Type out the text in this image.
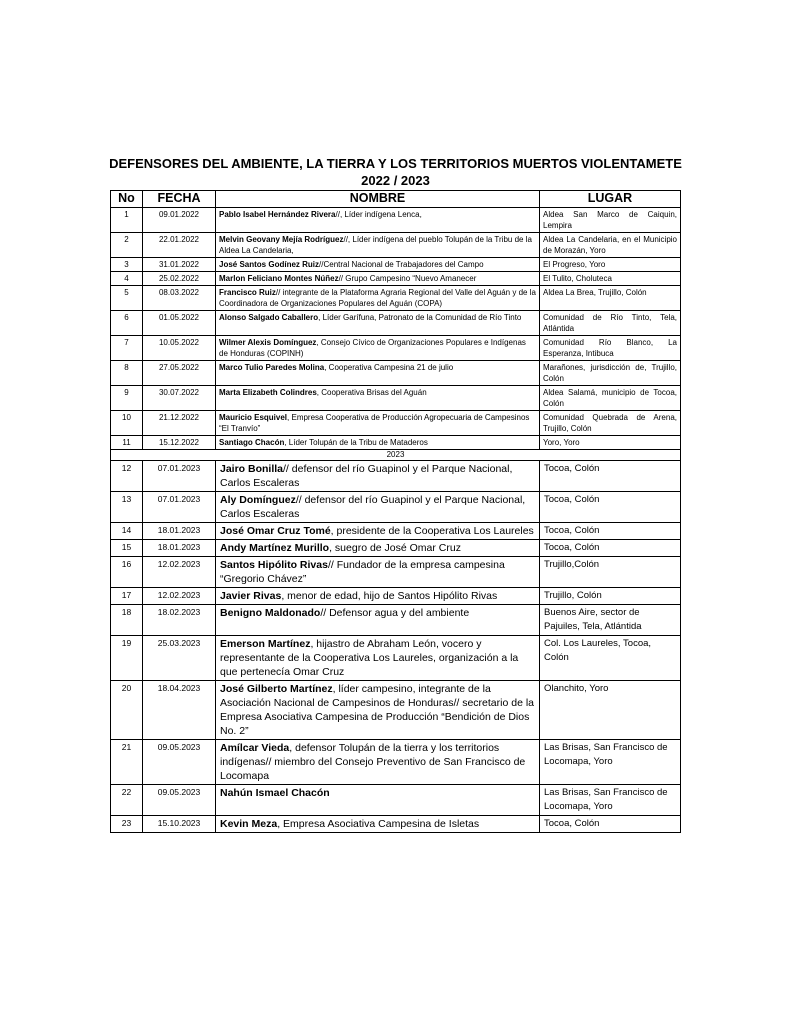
DEFENSORES DEL AMBIENTE, LA TIERRA Y LOS TERRITORIOS MUERTOS VIOLENTAMETE
2022 / 2023
No	FECHA	NOMBRE	LUGAR
1	09.01.2022	Pablo Isabel Hernández Rivera//, Líder indígena Lenca,	Aldea San Marco de Caiquin, Lempira
2	22.01.2022	Melvin Geovany Mejía Rodríguez//, Líder indígena del pueblo Tolupán de la Tribu de la Aldea La Candelaria,	Aldea La Candelaria, en el Municipio de Morazán, Yoro
3	31.01.2022	José Santos Godínez Ruiz//Central Nacional de Trabajadores del Campo	El Progreso, Yoro
4	25.02.2022	Marlon Feliciano Montes Núñez// Grupo Campesino “Nuevo Amanecer	El Tulito, Choluteca
5	08.03.2022	Francisco Ruiz// integrante de la Plataforma Agraria Regional del Valle del Aguán y de la Coordinadora de Organizaciones Populares del Aguán (COPA)	Aldea La Brea, Trujillo, Colón
6	01.05.2022	Alonso Salgado Caballero, Líder Garífuna, Patronato de la Comunidad de Río Tinto	Comunidad de Río Tinto, Tela, Atlántida
7	10.05.2022	Wilmer Alexis Domínguez, Consejo Cívico de Organizaciones Populares e Indígenas de Honduras (COPINH)	Comunidad Río Blanco, La Esperanza, Intibuca
8	27.05.2022	Marco Tulio Paredes Molina, Cooperativa Campesina 21 de julio	Marañones, jurisdicción de, Trujillo, Colón
9	30.07.2022	Marta Elizabeth Colindres, Cooperativa Brisas del Aguán	Aldea Salamá, municipio de Tocoa, Colón
10	21.12.2022	Mauricio Esquivel, Empresa Cooperativa de Producción Agropecuaria de Campesinos “El Tranvío”	Comunidad Quebrada de Arena, Trujillo, Colón
11	15.12.2022	Santiago Chacón, Líder Tolupán de la Tribu de Mataderos	Yoro, Yoro
2023			
12	07.01.2023	Jairo Bonilla// defensor del río Guapinol y el Parque Nacional, Carlos Escaleras	Tocoa, Colón
13	07.01.2023	Aly Domínguez// defensor del río Guapinol y el Parque Nacional, Carlos Escaleras	Tocoa, Colón
14	18.01.2023	José Omar Cruz Tomé, presidente de la Cooperativa Los Laureles	Tocoa, Colón
15	18.01.2023	Andy Martínez Murillo, suegro de José Omar Cruz	Tocoa, Colón
16	12.02.2023	Santos Hipólito Rivas// Fundador de la empresa campesina “Gregorio Chávez”	Trujillo,Colón
17	12.02.2023	Javier Rivas, menor de edad, hijo de Santos Hipólito Rivas	Trujillo, Colón
18	18.02.2023	Benigno Maldonado// Defensor agua y del ambiente	Buenos Aire, sector de Pajuiles, Tela, Atlántida
19	25.03.2023	Emerson Martínez, hijastro de Abraham León, vocero y representante de la Cooperativa Los Laureles, organización a la que pertenecía Omar Cruz	Col. Los Laureles, Tocoa, Colón
20	18.04.2023	José Gilberto Martínez, líder campesino, integrante de la Asociación Nacional de Campesinos de Honduras// secretario de la Empresa Asociativa Campesina de Producción “Bendición de Dios No. 2”	Olanchito, Yoro
21	09.05.2023	Amílcar Vieda, defensor Tolupán de la tierra y los territorios indígenas// miembro del Consejo Preventivo de San Francisco de Locomapa	Las Brisas, San Francisco de Locomapa, Yoro
22	09.05.2023	Nahún Ismael Chacón	Las Brisas, San Francisco de Locomapa, Yoro
23	15.10.2023	Kevin Meza, Empresa Asociativa Campesina de Isletas	Tocoa, Colón
